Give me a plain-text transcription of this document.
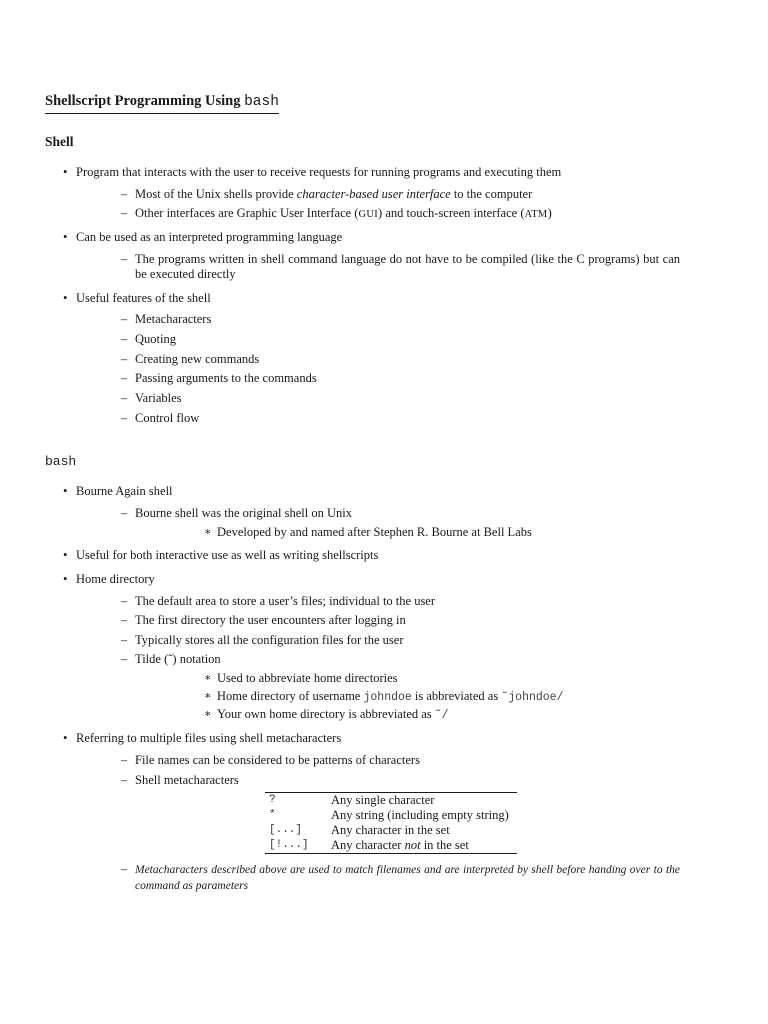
Shellscript Programming Using bash
Shell
• Program that interacts with the user to receive requests for running programs and executing them
– Most of the Unix shells provide character-based user interface to the computer
– Other interfaces are Graphic User Interface (GUI) and touch-screen interface (ATM)
• Can be used as an interpreted programming language
– The programs written in shell command language do not have to be compiled (like the C programs) but can be executed directly
• Useful features of the shell
– Metacharacters
– Quoting
– Creating new commands
– Passing arguments to the commands
– Variables
– Control flow
bash
• Bourne Again shell
– Bourne shell was the original shell on Unix
∗ Developed by and named after Stephen R. Bourne at Bell Labs
• Useful for both interactive use as well as writing shellscripts
• Home directory
– The default area to store a user’s files; individual to the user
– The first directory the user encounters after logging in
– Typically stores all the configuration files for the user
– Tilde (˜) notation
∗ Used to abbreviate home directories
∗ Home directory of username johndoe is abbreviated as ˜johndoe/
∗ Your own home directory is abbreviated as ˜/
• Referring to multiple files using shell metacharacters
– File names can be considered to be patterns of characters
– Shell metacharacters
?	Any single character
*	Any string (including empty string)
[...]	Any character in the set
[!...]	Any character not in the set
– Metacharacters described above are used to match filenames and are interpreted by shell before handing over to the command as parameters
